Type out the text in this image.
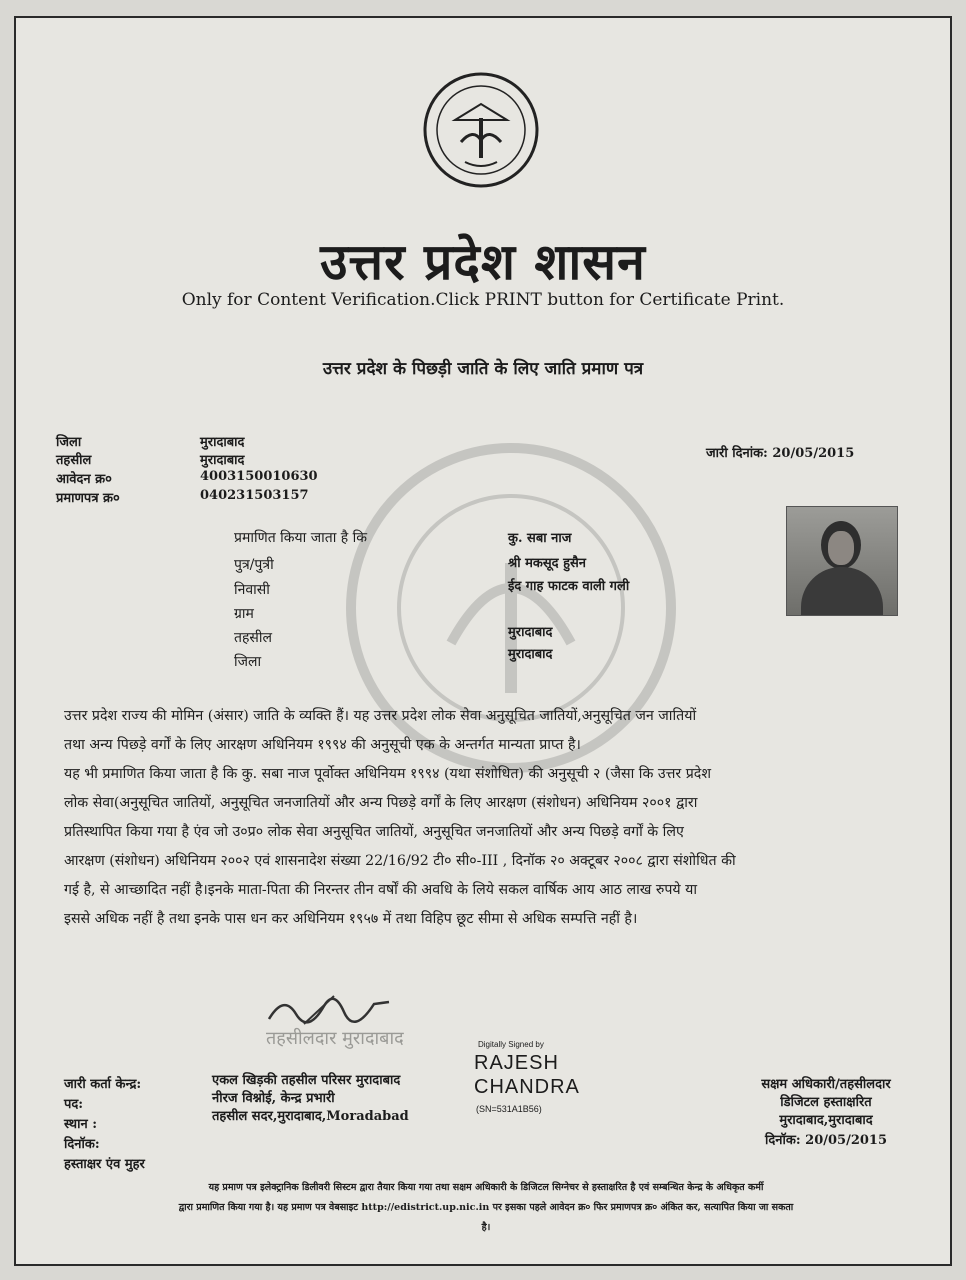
उत्तर प्रदेश शासन
Only for Content Verification.Click PRINT button for Certificate Print.
उत्तर प्रदेश के पिछड़ी जाति के लिए जाति प्रमाण पत्र
जिला	मुरादाबाद
तहसील	मुरादाबाद
आवेदन क्र०	4003150010630
प्रमाणपत्र क्र०	040231503157
जारी दिनांक: 20/05/2015
प्रमाणित किया जाता है कि	कु. सबा नाज
पुत्र/पुत्री	श्री मकसूद हुसैन
निवासी	ईद गाह फाटक वाली गली
ग्राम
तहसील	मुरादाबाद
जिला	मुरादाबाद
उत्तर प्रदेश राज्य की मोमिन (अंसार) जाति के व्यक्ति हैं। यह उत्तर प्रदेश लोक सेवा अनुसूचित जातियों,अनुसूचित जन जातियों
तथा अन्य पिछड़े वर्गों के लिए आरक्षण अधिनियम १९९४ की अनुसूची एक के अन्तर्गत मान्यता प्राप्त है।
यह भी प्रमाणित किया जाता है कि कु. सबा नाज पूर्वोक्त अधिनियम १९९४ (यथा संशोधित) की अनुसूची २ (जैसा कि उत्तर प्रदेश
लोक सेवा(अनुसूचित जातियों, अनुसूचित जनजातियों और अन्य पिछड़े वर्गों के लिए आरक्षण (संशोधन) अधिनियम २००१ द्वारा
प्रतिस्थापित किया गया है एंव जो उ०प्र० लोक सेवा अनुसूचित जातियों, अनुसूचित जनजातियों और अन्य पिछड़े वर्गों के लिए
आरक्षण (संशोधन) अधिनियम २००२ एवं शासनादेश संख्या 22/16/92 टी० सी०-III , दिनॉक २० अक्टूबर २००८ द्वारा संशोधित की
गई है, से आच्छादित नहीं है।इनके माता-पिता की निरन्तर तीन वर्षों की अवधि के लिये सकल वार्षिक आय आठ लाख रुपये या
इससे अधिक नहीं है तथा इनके पास धन कर अधिनियम १९५७ में तथा विहिप छूट सीमा से अधिक सम्पत्ति नहीं है।
तहसीलदार मुरादाबाद
जारी कर्ता केन्द्र:	एकल खिड़की तहसील परिसर मुरादाबाद
पद:	नीरज विश्नोई, केन्द्र प्रभारी
स्थान :
तहसील सदर,मुरादाबाद,Moradabad
दिनॉक:
हस्ताक्षर एंव मुहर
Digitally Signed by
RAJESH
CHANDRA
(SN=531A1B56)
सक्षम अधिकारी/तहसीलदार
डिजिटल हस्ताक्षरित
मुरादाबाद,मुरादाबाद
दिनॉक: 20/05/2015
यह प्रमाण पत्र इलेक्ट्रानिक डिलीवरी सिस्टम द्वारा तैयार किया गया तथा सक्षम अधिकारी के डिजिटल सिग्नेचर से हस्ताक्षरित है एवं सम्बन्धित केन्द्र के अधिकृत कर्मी
द्वारा प्रमाणित किया गया है। यह प्रमाण पत्र वेबसाइट http://edistrict.up.nic.in पर इसका पहले आवेदन क्र० फिर प्रमाणपत्र क्र० अंकित कर, सत्यापित किया जा सकता
है।
